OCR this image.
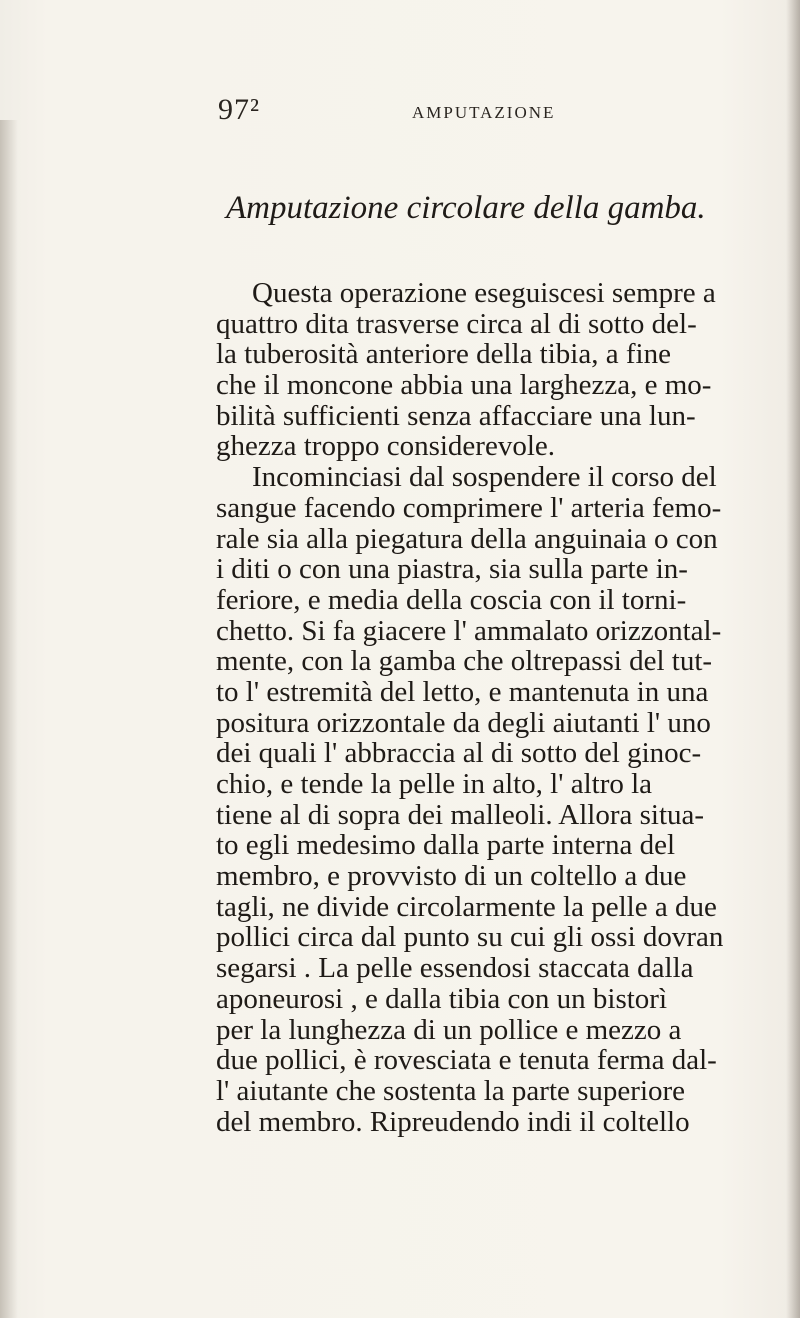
97²	AMPUTAZIONE
Amputazione circolare della gamba.
Questa operazione eseguiscesi sempre a
quattro dita trasverse circa al di sotto del-
la tuberosità anteriore della tibia, a fine
che il moncone abbia una larghezza, e mo-
bilità sufficienti senza affacciare una lun-
ghezza troppo considerevole.
Incominciasi dal sospendere il corso del
sangue facendo comprimere l' arteria femo-
rale sia alla piegatura della anguinaia o con
i diti o con una piastra, sia sulla parte in-
feriore, e media della coscia con il torni-
chetto. Si fa giacere l' ammalato orizzontal-
mente, con la gamba che oltrepassi del tut-
to l' estremità del letto, e mantenuta in una
positura orizzontale da degli aiutanti l' uno
dei quali l' abbraccia al di sotto del ginoc-
chio, e tende la pelle in alto, l' altro la
tiene al di sopra dei malleoli. Allora situa-
to egli medesimo dalla parte interna del
membro, e provvisto di un coltello a due
tagli, ne divide circolarmente la pelle a due
pollici circa dal punto su cui gli ossi dovran
segarsi . La pelle essendosi staccata dalla
aponeurosi , e dalla tibia con un bistorì
per la lunghezza di un pollice e mezzo a
due pollici, è rovesciata e tenuta ferma dal-
l' aiutante che sostenta la parte superiore
del membro. Ripreudendo indi il coltello
